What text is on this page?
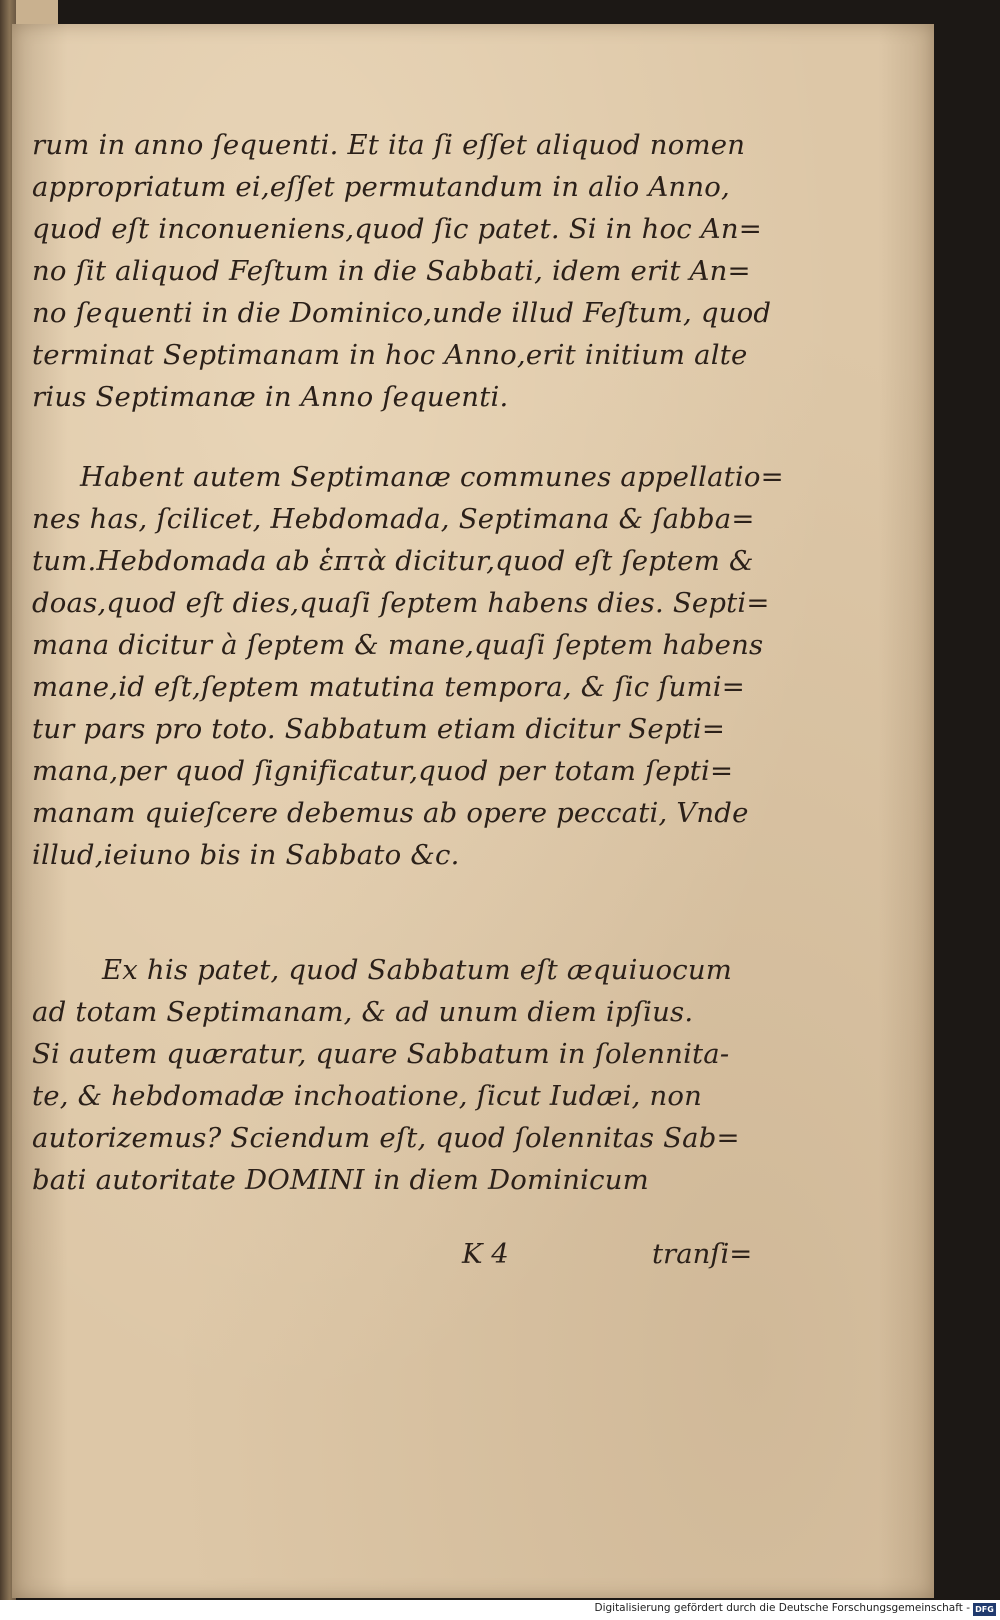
rum in anno ſequenti. Et ita ſi eſſet aliquod nomen
appropriatum ei,eſſet permutandum in alio Anno,
quod eſt inconueniens,quod ſic patet. Si in hoc An=
no ſit aliquod Feſtum in die Sabbati, idem erit An=
no ſequenti in die Dominico,unde illud Feſtum, quod
terminat Septimanam in hoc Anno,erit initium alte
rius Septimanæ in Anno ſequenti.
Habent autem Septimanæ communes appellatio=
nes has, ſcilicet, Hebdomada, Septimana & ſabba=
tum.Hebdomada ab ἑπτὰ dicitur,quod eſt ſeptem &
doas,quod eſt dies,quaſi ſeptem habens dies. Septi=
mana dicitur à ſeptem & mane,quaſi ſeptem habens
mane,id eſt,ſeptem matutina tempora, & ſic ſumi=
tur pars pro toto. Sabbatum etiam dicitur Septi=
mana,per quod ſignificatur,quod per totam ſepti=
manam quieſcere debemus ab opere peccati, Vnde
illud,ieiuno bis in Sabbato &c.
Ex his patet, quod Sabbatum eſt æquiuocum
ad totam Septimanam, & ad unum diem ipſius.
Si autem quæratur, quare Sabbatum in ſolennita-
te, & hebdomadæ inchoatione, ſicut Iudæi, non
autorizemus? Sciendum eſt, quod ſolennitas Sab=
bati autoritate DOMINI in diem Dominicum
K 4	tranſi=
Digitalisierung gefördert durch die Deutsche Forschungsgemeinschaft - DFG
